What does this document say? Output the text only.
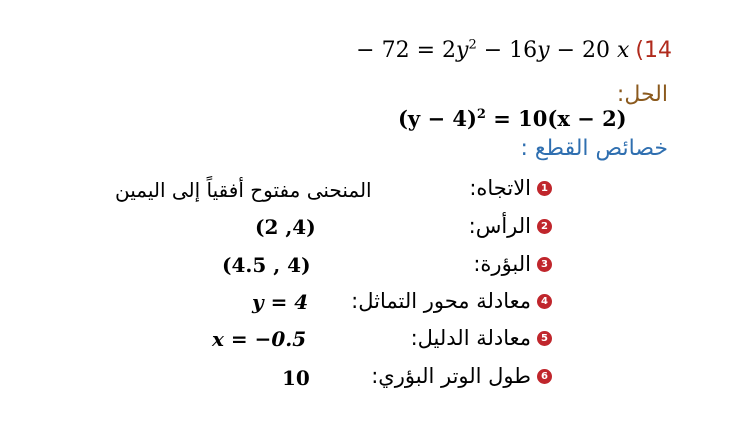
− $72 = 2y^2 - 16y - 20$ x (14
الحل:
$(y - 4)^2 = 10(x - 2)$
خصائص القطع :
1
الاتجاه:
المنحنى مفتوح أفقياً إلى اليمين
2
الرأس:
(2 ,4)
3
البؤرة:
(4.5 , 4)
4
معادلة محور التماثل:
y = 4
5
معادلة الدليل:
x = −0.5
6
طول الوتر البؤري:
10
